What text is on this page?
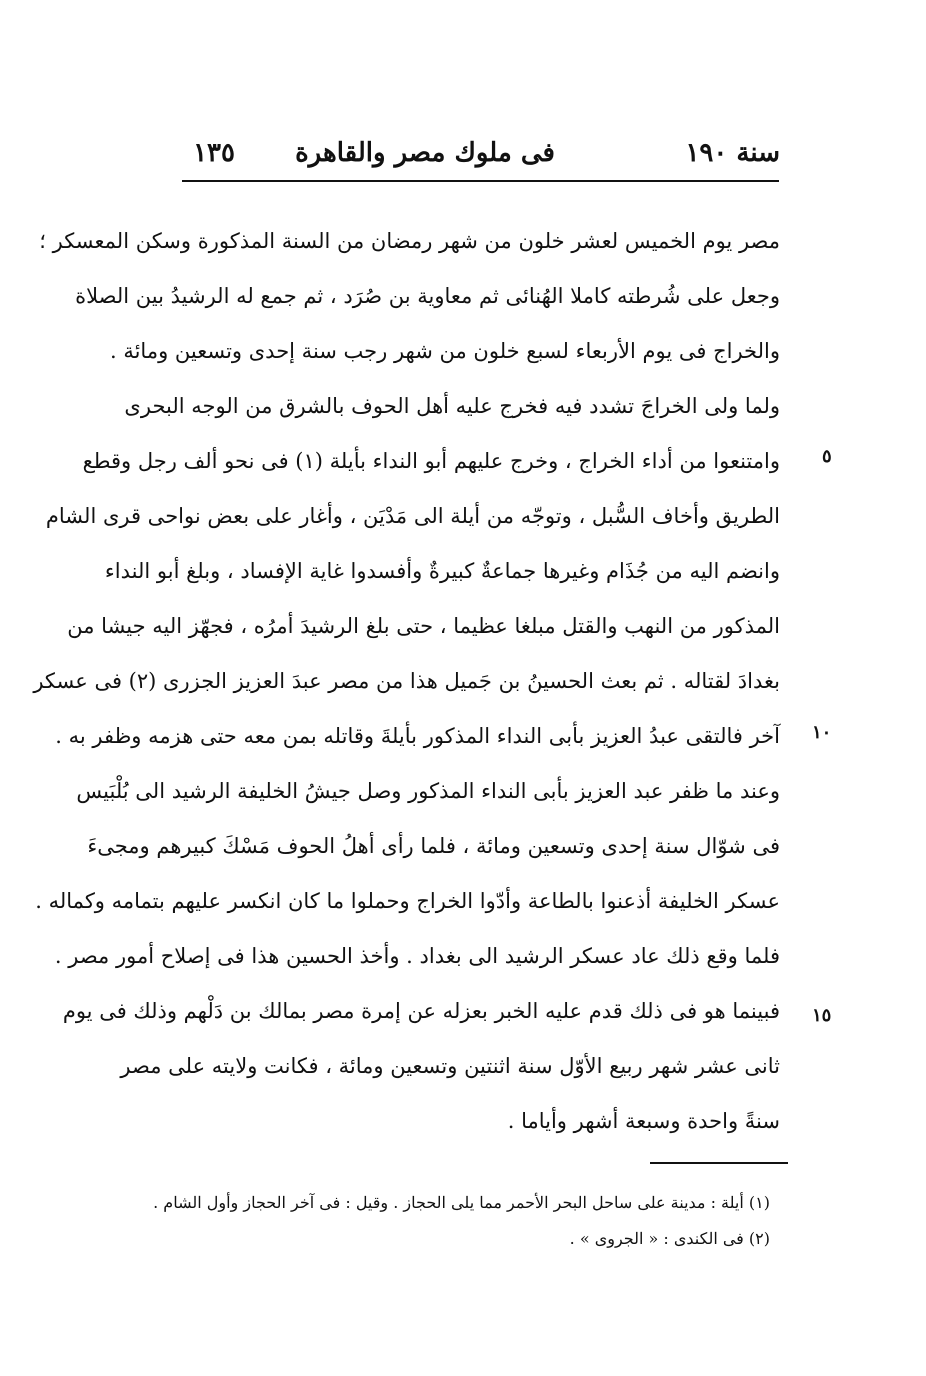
سنة ١٩٠
فى ملوك مصر والقاهرة
١٣٥
مصر يوم الخميس لعشر خلون من شهر رمضان من السنة المذكورة وسكن المعسكر ؛
وجعل على شُرطته كاملا الهُنائى ثم معاوية بن صُرَد ، ثم جمع له الرشيدُ بين الصلاة
والخراج فى يوم الأربعاء لسبع خلون من شهر رجب سنة إحدى وتسعين ومائة .
ولما ولى الخراجَ تشدد فيه فخرج عليه أهل الحوف بالشرق من الوجه البحرى
وامتنعوا من أداء الخراج ، وخرج عليهم أبو النداء بأيلة (١) فى نحو ألف رجل وقطع
الطريق وأخاف السُّبل ، وتوجّه من أيلة الى مَدْيَن ، وأغار على بعض نواحى قرى الشام
وانضم اليه من جُذَام وغيرها جماعةٌ كبيرةٌ وأفسدوا غاية الإفساد ، وبلغ أبو النداء
المذكور من النهب والقتل مبلغا عظيما ، حتى بلغ الرشيدَ أمرُه ، فجهّز اليه جيشا من
بغدادَ لقتاله . ثم بعث الحسينُ بن جَميل هذا من مصر عبدَ العزيز الجزرى (٢) فى عسكر
آخر فالتقى عبدُ العزيز بأبى النداء المذكور بأيلةَ وقاتله بمن معه حتى هزمه وظفر به .
وعند ما ظفر عبد العزيز بأبى النداء المذكور وصل جيشُ الخليفة الرشيد الى بُلْبَيس
فى شوّال سنة إحدى وتسعين ومائة ، فلما رأى أهلُ الحوف مَسْكَ كبيرهم ومجىءَ
عسكر الخليفة أذعنوا بالطاعة وأدّوا الخراج وحملوا ما كان انكسر عليهم بتمامه وكماله .
فلما وقع ذلك عاد عسكر الرشيد الى بغداد . وأخذ الحسين هذا فى إصلاح أمور مصر .
فبينما هو فى ذلك قدم عليه الخبر بعزله عن إمرة مصر بمالك بن دَلْهم وذلك فى يوم
ثانى عشر شهر ربيع الأوّل سنة اثنتين وتسعين ومائة ، فكانت ولايته على مصر
سنةً واحدة وسبعة أشهر وأياما .
٥
١٠
١٥
(١) أيلة : مدينة على ساحل البحر الأحمر مما يلى الحجاز . وقيل : فى آخر الحجاز وأول الشام .
(٢) فى الكندى : « الجروى » .
